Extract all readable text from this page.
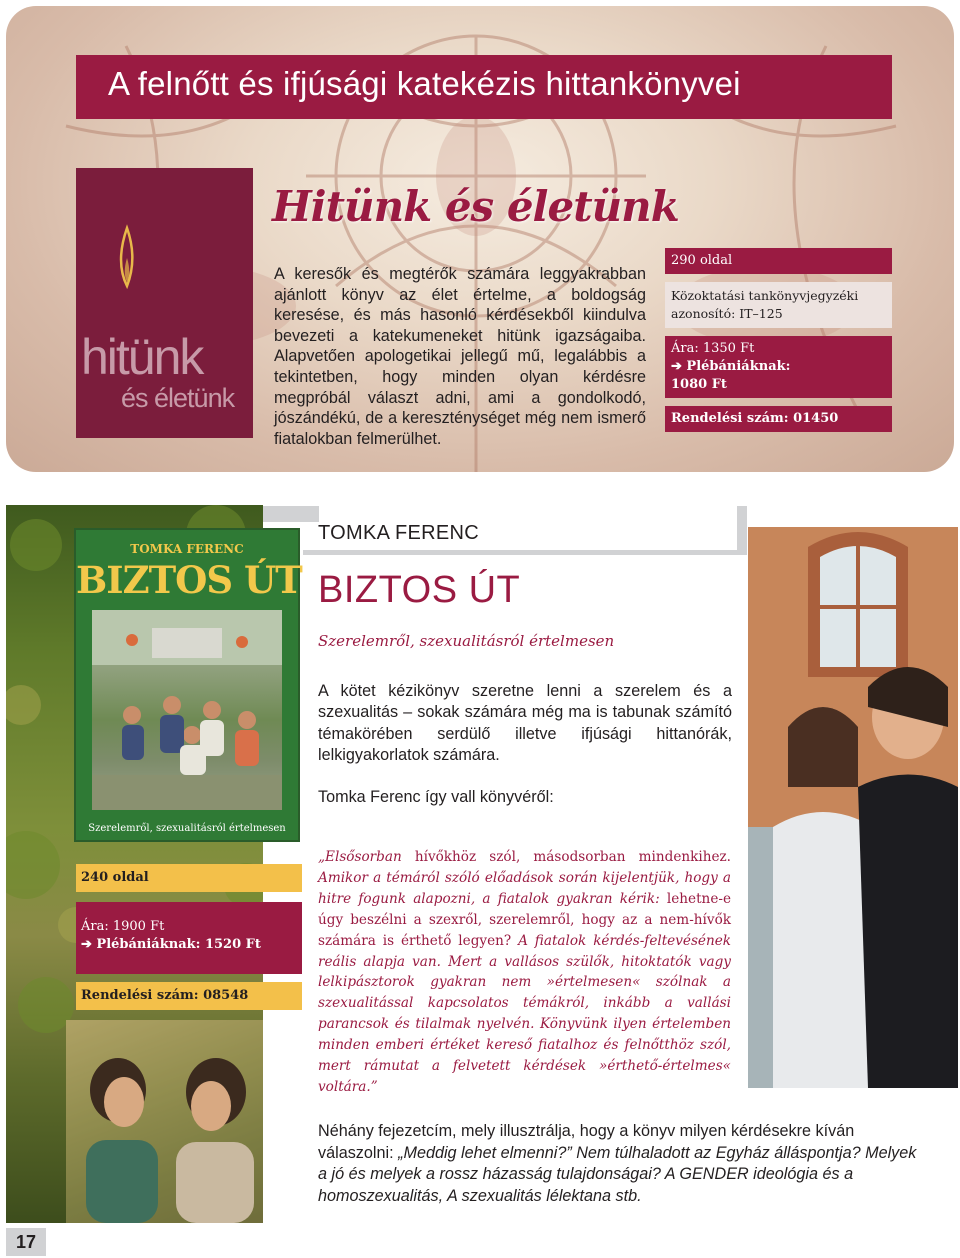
A felnőtt és ifjúsági katekézis hittankönyvei
hitünk
és életünk
Hitünk és életünk
A keresők és megtérők számára leggyakrabban ajánlott könyv az élet értelme, a boldogság keresése, és más hasonló kérdésekből kiindulva bevezeti a katekumeneket hitünk igazságaiba. Alapvetően apologetikai jellegű mű, legalábbis a tekintetben, hogy minden olyan kérdésre megpróbál választ adni, ami a gondolkodó, jószándékú, de a kereszténységet még nem ismerő fiatalokban felmerülhet.
290 oldal
Közoktatási tankönyvjegyzéki
azonosító: IT–125
Ára: 1350 Ft
➔ Plébániáknak:
1080 Ft
Rendelési szám: 01450
TOMKA FERENC
BIZTOS ÚT
Szerelemről, szexualitásról értelmesen
240 oldal
Ára: 1900 Ft
➔ Plébániáknak: 1520 Ft
Rendelési szám: 08548
TOMKA FERENC
BIZTOS ÚT
Szerelemről, szexualitásról értelmesen
A kötet kézikönyv szeretne lenni a szerelem és a szexualitás – sokak számára még ma is tabunak számító témakörében serdülő illetve ifjúsági hittanórák, lelkigyakorlatok számára.
Tomka Ferenc így vall könyvéről:
„Elsősorban hívőkhöz szól, másodsorban mindenkihez. Amikor a témáról szóló előadások során kijelentjük, hogy a hitre fogunk alapozni, a fiatalok gyakran kérik: lehetne-e úgy beszélni a szexről, szerelemről, hogy az a nem-hívők számára is érthető legyen? A fiatalok kérdés-feltevésének reális alapja van. Mert a vallásos szülők, hitoktatók vagy lelkipásztorok gyakran nem »értelmesen« szólnak a szexualitással kapcsolatos témákról, inkább a vallási parancsok és tilalmak nyelvén. Könyvünk ilyen értelemben minden emberi értéket kereső fiatalhoz és felnőtthöz szól, mert rámutat a felvetett kérdések »érthető-értelmes« voltára.”
Néhány fejezetcím, mely illusztrálja, hogy a könyv milyen kérdésekre kíván válaszolni: „Meddig lehet elmenni?” Nem túlhaladott az Egyház álláspontja? Melyek a jó és melyek a rossz házasság tulajdonságai? A GENDER ideológia és a homoszexualitás, A szexualitás lélektana stb.
17
